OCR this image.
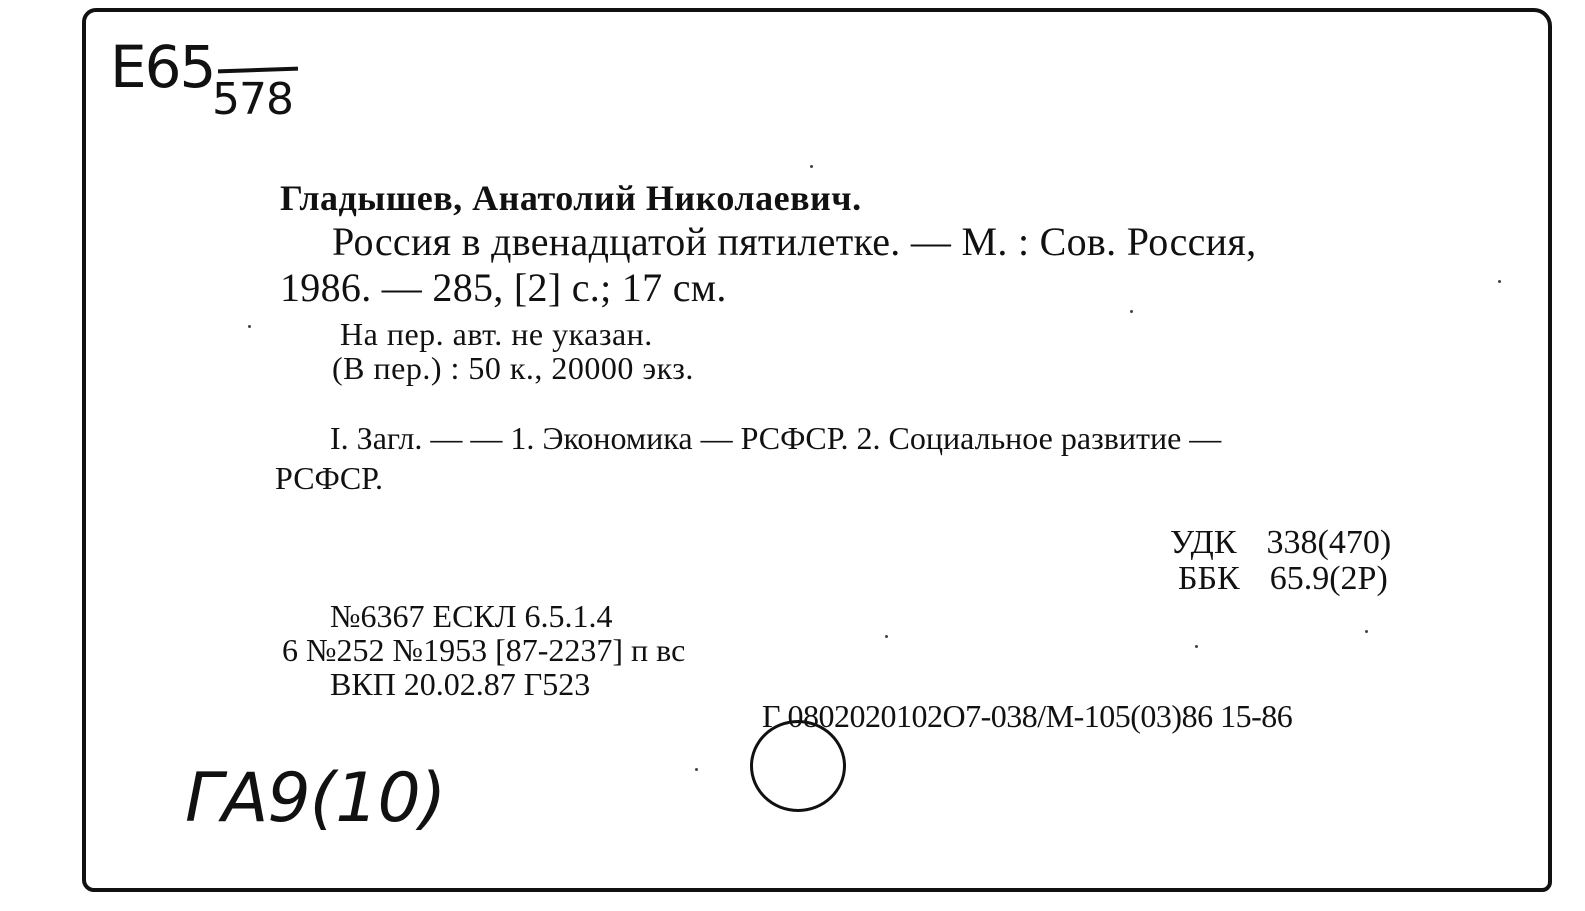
Е65
578
Гладышев, Анатолий Николаевич.
Россия в двенадцатой пятилетке. — М. : Сов. Россия,
1986. — 285, [2] с.; 17 см.
На пер. авт. не указан.
(В пер.) : 50 к., 20000 экз.
I. Загл. — — 1. Экономика — РСФСР. 2. Социальное развитие —
РСФСР.
УДК 338(470)
ББК 65.9(2Р)
№6367 ЕСКЛ 6.5.1.4
6 №252 №1953 [87-2237] п вс
ВКП 20.02.87 Г523
Г 0802020102О7-038/М-105(03)86 15-86
ГА9(10)
